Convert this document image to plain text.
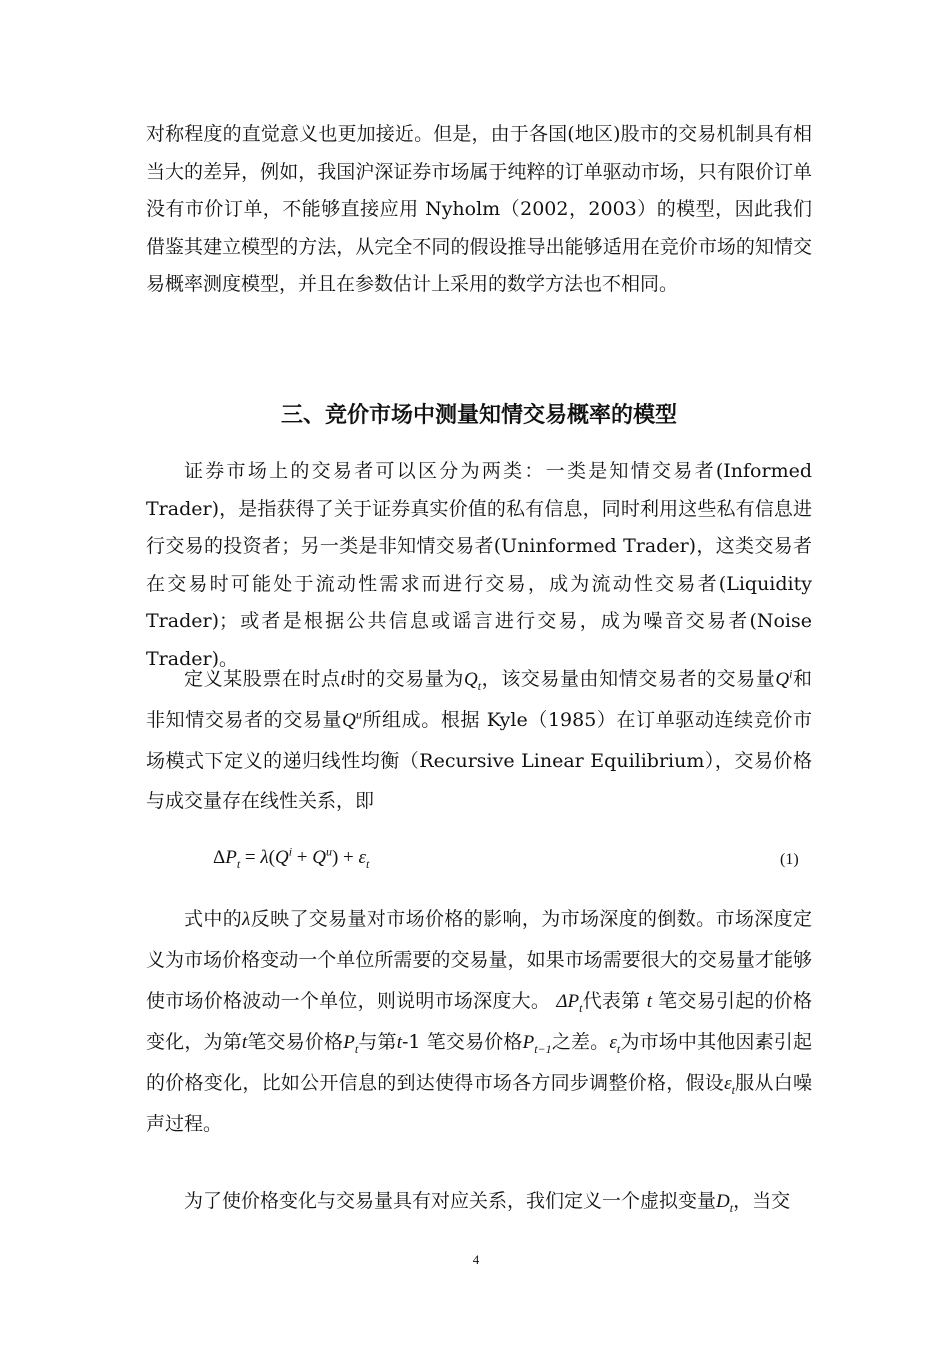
对称程度的直觉意义也更加接近。但是，由于各国(地区)股市的交易机制具有相当大的差异，例如，我国沪深证券市场属于纯粹的订单驱动市场，只有限价订单没有市价订单，不能够直接应用 Nyholm（2002，2003）的模型，因此我们借鉴其建立模型的方法，从完全不同的假设推导出能够适用在竞价市场的知情交易概率测度模型，并且在参数估计上采用的数学方法也不相同。

三、竞价市场中测量知情交易概率的模型

证券市场上的交易者可以区分为两类：一类是知情交易者(Informed Trader)，是指获得了关于证券真实价值的私有信息，同时利用这些私有信息进行交易的投资者；另一类是非知情交易者(Uninformed Trader)，这类交易者在交易时可能处于流动性需求而进行交易，成为流动性交易者(Liquidity Trader)；或者是根据公共信息或谣言进行交易，成为噪音交易者(Noise Trader)。

定义某股票在时点t时的交易量为$Q_t$，该交易量由知情交易者的交易量$Q^i$和非知情交易者的交易量$Q^u$所组成。根据 Kyle（1985）在订单驱动连续竞价市场模式下定义的递归线性均衡（Recursive Linear Equilibrium），交易价格与成交量存在线性关系，即

$\Delta P_t = \lambda(Q^i + Q^u) + \varepsilon_t$	(1)

式中的λ反映了交易量对市场价格的影响，为市场深度的倒数。市场深度定义为市场价格变动一个单位所需要的交易量，如果市场需要很大的交易量才能够使市场价格波动一个单位，则说明市场深度大。 $\Delta P_t$代表第 t 笔交易引起的价格变化，为第t笔交易价格$P_t$与第t-1 笔交易价格$P_{t-1}$之差。$\varepsilon_t$为市场中其他因素引起的价格变化，比如公开信息的到达使得市场各方同步调整价格，假设$\varepsilon_t$服从白噪声过程。

为了使价格变化与交易量具有对应关系，我们定义一个虚拟变量$D_t$，当交

4
